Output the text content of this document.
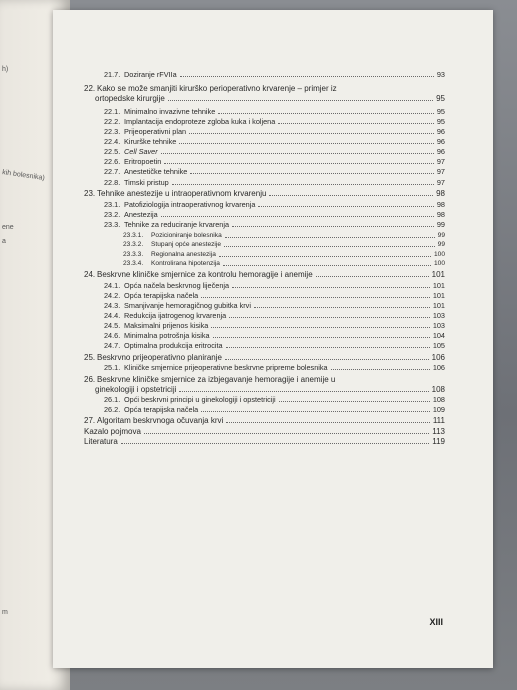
h)
kih bolesnika)
ene
a
m
21.7. Doziranje rFVIIa	93
22. Kako se može smanjiti kirurško perioperativno krvarenje – primjer iz
ortopedske kirurgije	95
22.1. Minimalno invazivne tehnike	95
22.2. Implantacija endoproteze zgloba kuka i koljena	95
22.3. Prijeoperativni plan	96
22.4. Kirurške tehnike	96
22.5. Cell Saver	96
22.6. Eritropoetin	97
22.7. Anestetičke tehnike	97
22.8. Timski pristup	97
23. Tehnike anestezije u intraoperativnom krvarenju	98
23.1. Patofiziologija intraoperativnog krvarenja	98
23.2. Anestezija	98
23.3. Tehnike za reduciranje krvarenja	99
23.3.1.	Pozicioniranje bolesnika	99
23.3.2.	Stupanj opće anestezije	99
23.3.3.	Regionalna anestezija	100
23.3.4.	Kontrolirana hipotenzija	100
24. Beskrvne kliničke smjernice za kontrolu hemoragije i anemije	101
24.1. Opća načela beskrvnog liječenja	101
24.2. Opća terapijska načela	101
24.3. Smanjivanje hemoragičnog gubitka krvi	101
24.4. Redukcija ijatrogenog krvarenja	103
24.5. Maksimalni prijenos kisika	103
24.6. Minimalna potrošnja kisika	104
24.7. Optimalna produkcija eritrocita	105
25. Beskrvno prijeoperativno planiranje	106
25.1. Kliničke smjernice prijeoperativne beskrvne pripreme bolesnika	106
26. Beskrvne kliničke smjernice za izbjegavanje hemoragije i anemije u
ginekologiji i opstetriciji	108
26.1. Opći beskrvni principi u ginekologiji i opstetriciji	108
26.2. Opća terapijska načela	109
27. Algoritam beskrvnoga očuvanja krvi	111
Kazalo pojmova	113
Literatura	119
XIII
